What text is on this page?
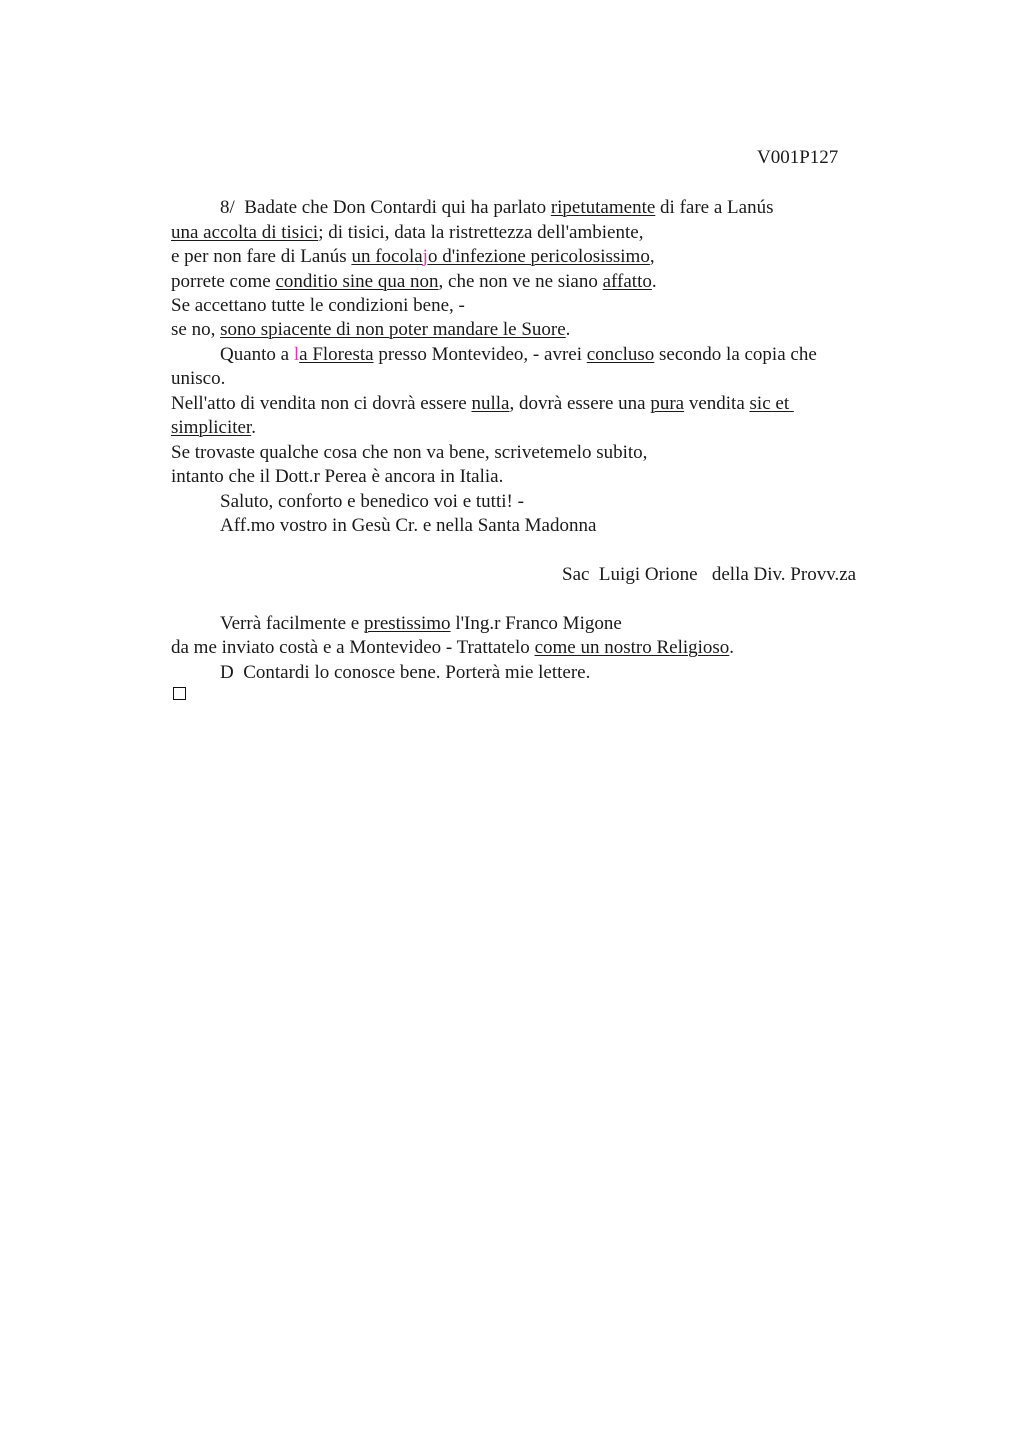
V001P127
8/  Badate che Don Contardi qui ha parlato ripetutamente di fare a Lanús
una accolta di tisici; di tisici, data la ristrettezza dell'ambiente,
e per non fare di Lanús un focolajo d'infezione pericolosissimo,
porrete come conditio sine qua non, che non ve ne siano affatto.
Se accettano tutte le condizioni bene, -
se no, sono spiacente di non poter mandare le Suore.
Quanto a la Floresta presso Montevideo, - avrei concluso secondo la copia che
unisco.
Nell'atto di vendita non ci dovrà essere nulla, dovrà essere una pura vendita sic et
simpliciter.
Se trovaste qualche cosa che non va bene, scrivetemelo subito,
intanto che il Dott.r Perea è ancora in Italia.
Saluto, conforto e benedico voi e tutti! -
Aff.mo vostro in Gesù Cr. e nella Santa Madonna
Sac  Luigi Orione   della Div. Provv.za
Verrà facilmente e prestissimo l'Ing.r Franco Migone
da me inviato costà e a Montevideo - Trattatelo come un nostro Religioso.
D  Contardi lo conosce bene. Porterà mie lettere.
